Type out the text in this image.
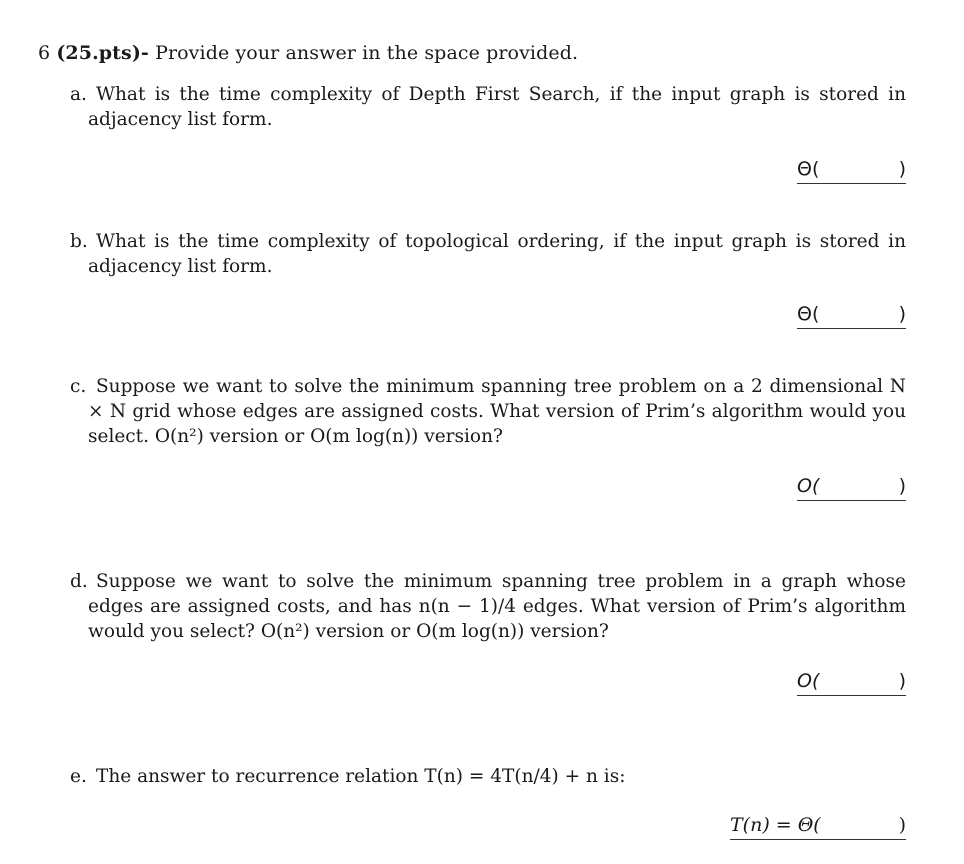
6 (25.pts)- Provide your answer in the space provided.
a. What is the time complexity of Depth First Search, if the input graph is stored in adjacency list form.
Θ(	)
b. What is the time complexity of topological ordering, if the input graph is stored in adjacency list form.
Θ(	)
c. Suppose we want to solve the minimum spanning tree problem on a 2 dimensional N × N grid whose edges are assigned costs. What version of Prim’s algorithm would you select. O(n²) version or O(m log(n)) version?
O(	)
d. Suppose we want to solve the minimum spanning tree problem in a graph whose edges are assigned costs, and has n(n − 1)/4 edges. What version of Prim’s algorithm would you select? O(n²) version or O(m log(n)) version?
O(	)
e. The answer to recurrence relation T(n) = 4T(n/4) + n is:
T(n) = Θ(	)
